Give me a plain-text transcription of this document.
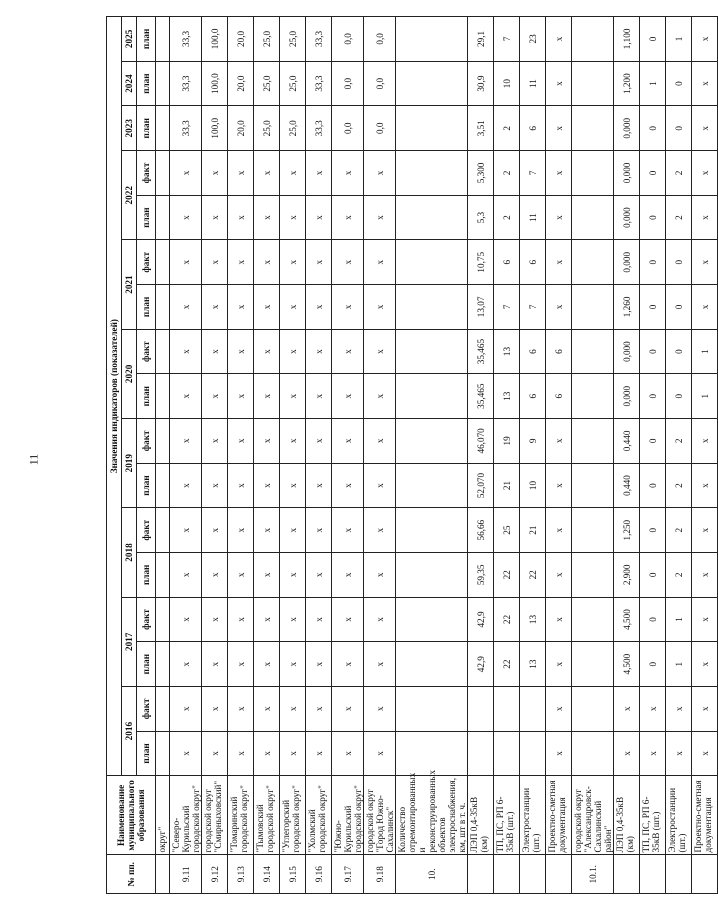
11
№ пп.	Наименование муниципального образования	Значения индикаторов (показателей)																
		2016		2017		2018		2019		2020		2021		2022		2023	2024	2025
		план	факт	план	факт	план	факт	план	факт	план	факт	план	факт	план	факт	план	план	план
	округ"																	
9.11	"Северо-Курильский городской округ"	x	x	x	x	x	x	x	x	x	x	x	x	x	x	33,3	33,3	33,3
9.12	городской округ "Смирныховский"	x	x	x	x	x	x	x	x	x	x	x	x	x	x	100,0	100,0	100,0
9.13	"Томаринский городской округ"	x	x	x	x	x	x	x	x	x	x	x	x	x	x	20,0	20,0	20,0
9.14	"Тымовский городской округ"	x	x	x	x	x	x	x	x	x	x	x	x	x	x	25,0	25,0	25,0
9.15	"Углегорский городской округ"	x	x	x	x	x	x	x	x	x	x	x	x	x	x	25,0	25,0	25,0
9.16	"Холмский городской округ"	x	x	x	x	x	x	x	x	x	x	x	x	x	x	33,3	33,3	33,3
9.17	"Южно-Курильский городской округ"	x	x	x	x	x	x	x	x	x	x	x	x	x	x	0,0	0,0	0,0
9.18	городской округ "Город Южно-Сахалинск"	x	x	x	x	x	x	x	x	x	x	x	x	x	x	0,0	0,0	0,0
10.	Количество отремонтированных и реконструированных объектов электроснабжения, км, шт в т. ч.																	
	ЛЭП 0,4-35кВ (км)			42,9	42,9	59,35	56,66	52,070	46,070	35,465	35,465	13,07	10,75	5,3	5,300	3,51	30,9	29,1
	ТП, ПС, РП 6-35кВ (шт.)			22	22	22	25	21	19	13	13	7	6	2	2	2	10	7
	Электростанции (шт.)			13	13	22	21	10	9	6	6	7	6	11	7	6	11	23
	Проектно-сметная документация	x	x	x	x	x	x	x	x	6	6	x	x	x	x	x	x	x
10.1.	городской округ "Александровск-Сахалинский район"																	
	ЛЭП 0,4-35кВ (км)	x	x	4,500	4,500	2,900	1,250	0,440	0,440	0,000	0,000	1,260	0,000	0,000	0,000	0,000	1,200	1,100
	ТП, ПС, РП 6-35кВ (шт.)	x	x	0	0	0	0	0	0	0	0	0	0	0	0	0	1	0
	Электростанции (шт.)	x	x	1	1	2	2	2	2	0	0	0	0	2	2	0	0	1
	Проектно-сметная документация	x	x	x	x	x	x	x	x	1	1	x	x	x	x	x	x	x
